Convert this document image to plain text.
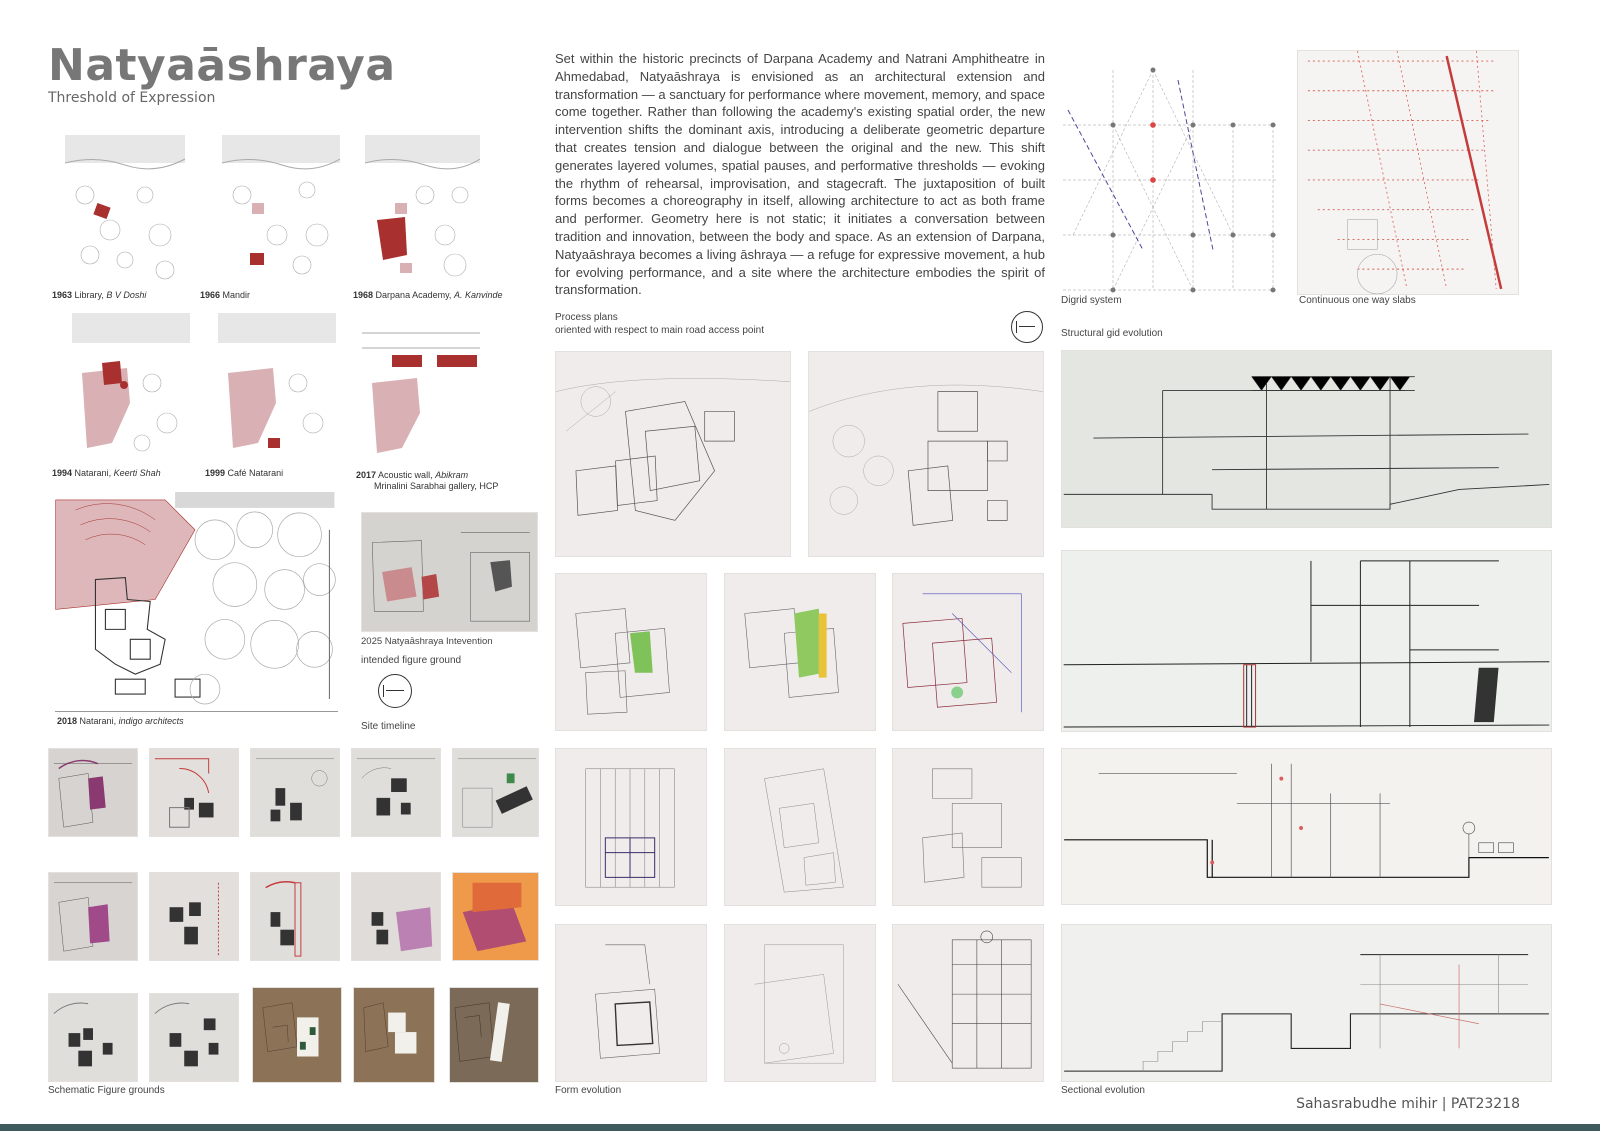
Natyaāshraya
Threshold of Expression
1963 Library, B V Doshi	1966 Mandir	1968 Darpana Academy, A. Kanvinde
1994 Natarani, Keerti Shah	1999 Café Natarani	2017 Acoustic wall, Abikram
Mrinalini Sarabhai gallery, HCP
2018 Natarani, indigo architects
2025 Natyaāshraya Intevention
intended figure ground
Site timeline
Set within the historic precincts of Darpana Academy and Natrani Amphitheatre in Ahmedabad, Natyaāshraya is envisioned as an architectural extension and transformation — a sanctuary for performance where movement, memory, and space come together. Rather than following the academy's existing spatial order, the new intervention shifts the dominant axis, introducing a deliberate geometric departure that creates tension and dialogue between the original and the new. This shift generates layered volumes, spatial pauses, and performative thresholds — evoking the rhythm of rehearsal, improvisation, and stagecraft. The juxtaposition of built forms becomes a choreography in itself, allowing architecture to act as both frame and performer. Geometry here is not static; it initiates a conversation between tradition and innovation, between the body and space. As an extension of Darpana, Natyaāshraya becomes a living āshraya — a refuge for expressive movement, a hub for evolving performance, and a site where the architecture embodies the spirit of transformation.
Process plans
oriented with respect to main road access point
Form evolution
Digrid system	Continuous one way slabs
Structural gid evolution
Sectional evolution
Schematic Figure grounds
Sahasrabudhe mihir | PAT23218
